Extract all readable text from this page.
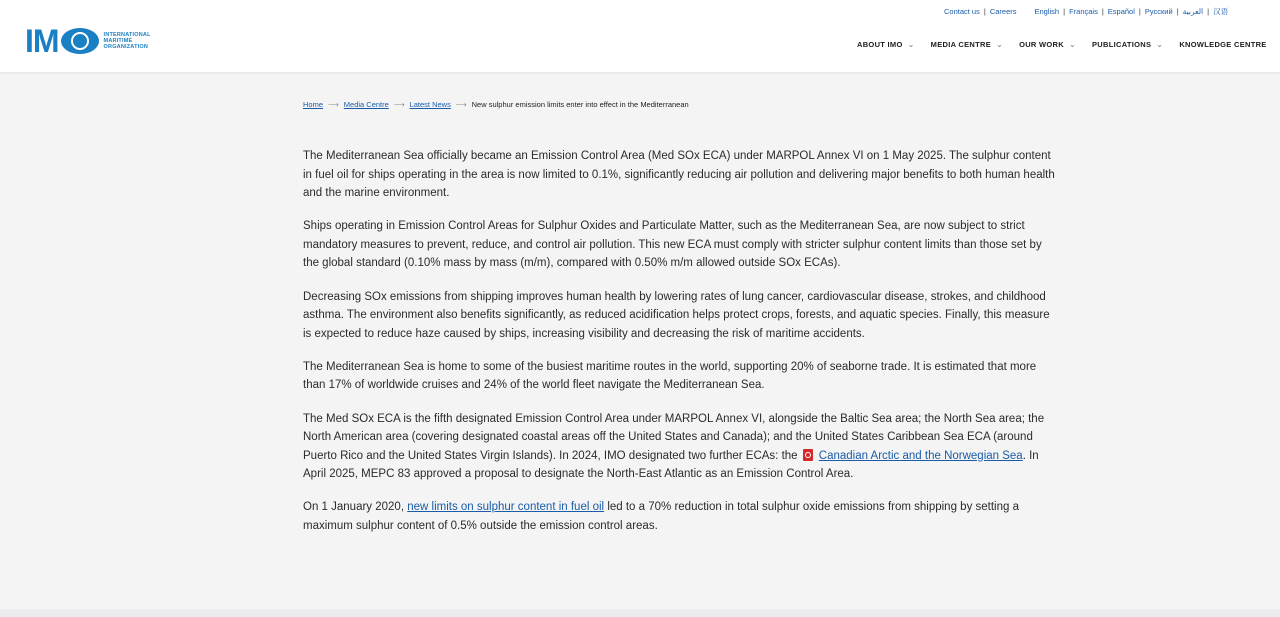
IM	INTERNATIONAL
MARITIME
ORGANIZATION
Contact us | Careers English | Français | Español | Русский | العربية | 汉语
ABOUT IMO ⌄ MEDIA CENTRE ⌄ OUR WORK ⌄ PUBLICATIONS ⌄ KNOWLEDGE CENTRE
Home ⟶ Media Centre ⟶ Latest News ⟶ New sulphur emission limits enter into effect in the Mediterranean

The Mediterranean Sea officially became an Emission Control Area (Med SOx ECA) under MARPOL Annex VI on 1 May 2025. The sulphur content in fuel oil for ships operating in the area is now limited to 0.1%, significantly reducing air pollution and delivering major benefits to both human health and the marine environment.

Ships operating in Emission Control Areas for Sulphur Oxides and Particulate Matter, such as the Mediterranean Sea, are now subject to strict mandatory measures to prevent, reduce, and control air pollution. This new ECA must comply with stricter sulphur content limits than those set by the global standard (0.10% mass by mass (m/m), compared with 0.50% m/m allowed outside SOx ECAs).

Decreasing SOx emissions from shipping improves human health by lowering rates of lung cancer, cardiovascular disease, strokes, and childhood asthma. The environment also benefits significantly, as reduced acidification helps protect crops, forests, and aquatic species. Finally, this measure is expected to reduce haze caused by ships, increasing visibility and decreasing the risk of maritime accidents.

The Mediterranean Sea is home to some of the busiest maritime routes in the world, supporting 20% of seaborne trade. It is estimated that more than 17% of worldwide cruises and 24% of the world fleet navigate the Mediterranean Sea.

The Med SOx ECA is the fifth designated Emission Control Area under MARPOL Annex VI, alongside the Baltic Sea area; the North Sea area; the North American area (covering designated coastal areas off the United States and Canada); and the United States Caribbean Sea ECA (around Puerto Rico and the United States Virgin Islands). In 2024, IMO designated two further ECAs: the Canadian Arctic and the Norwegian Sea. In April 2025, MEPC 83 approved a proposal to designate the North-East Atlantic as an Emission Control Area.

On 1 January 2020, new limits on sulphur content in fuel oil led to a 70% reduction in total sulphur oxide emissions from shipping by setting a maximum sulphur content of 0.5% outside the emission control areas.
